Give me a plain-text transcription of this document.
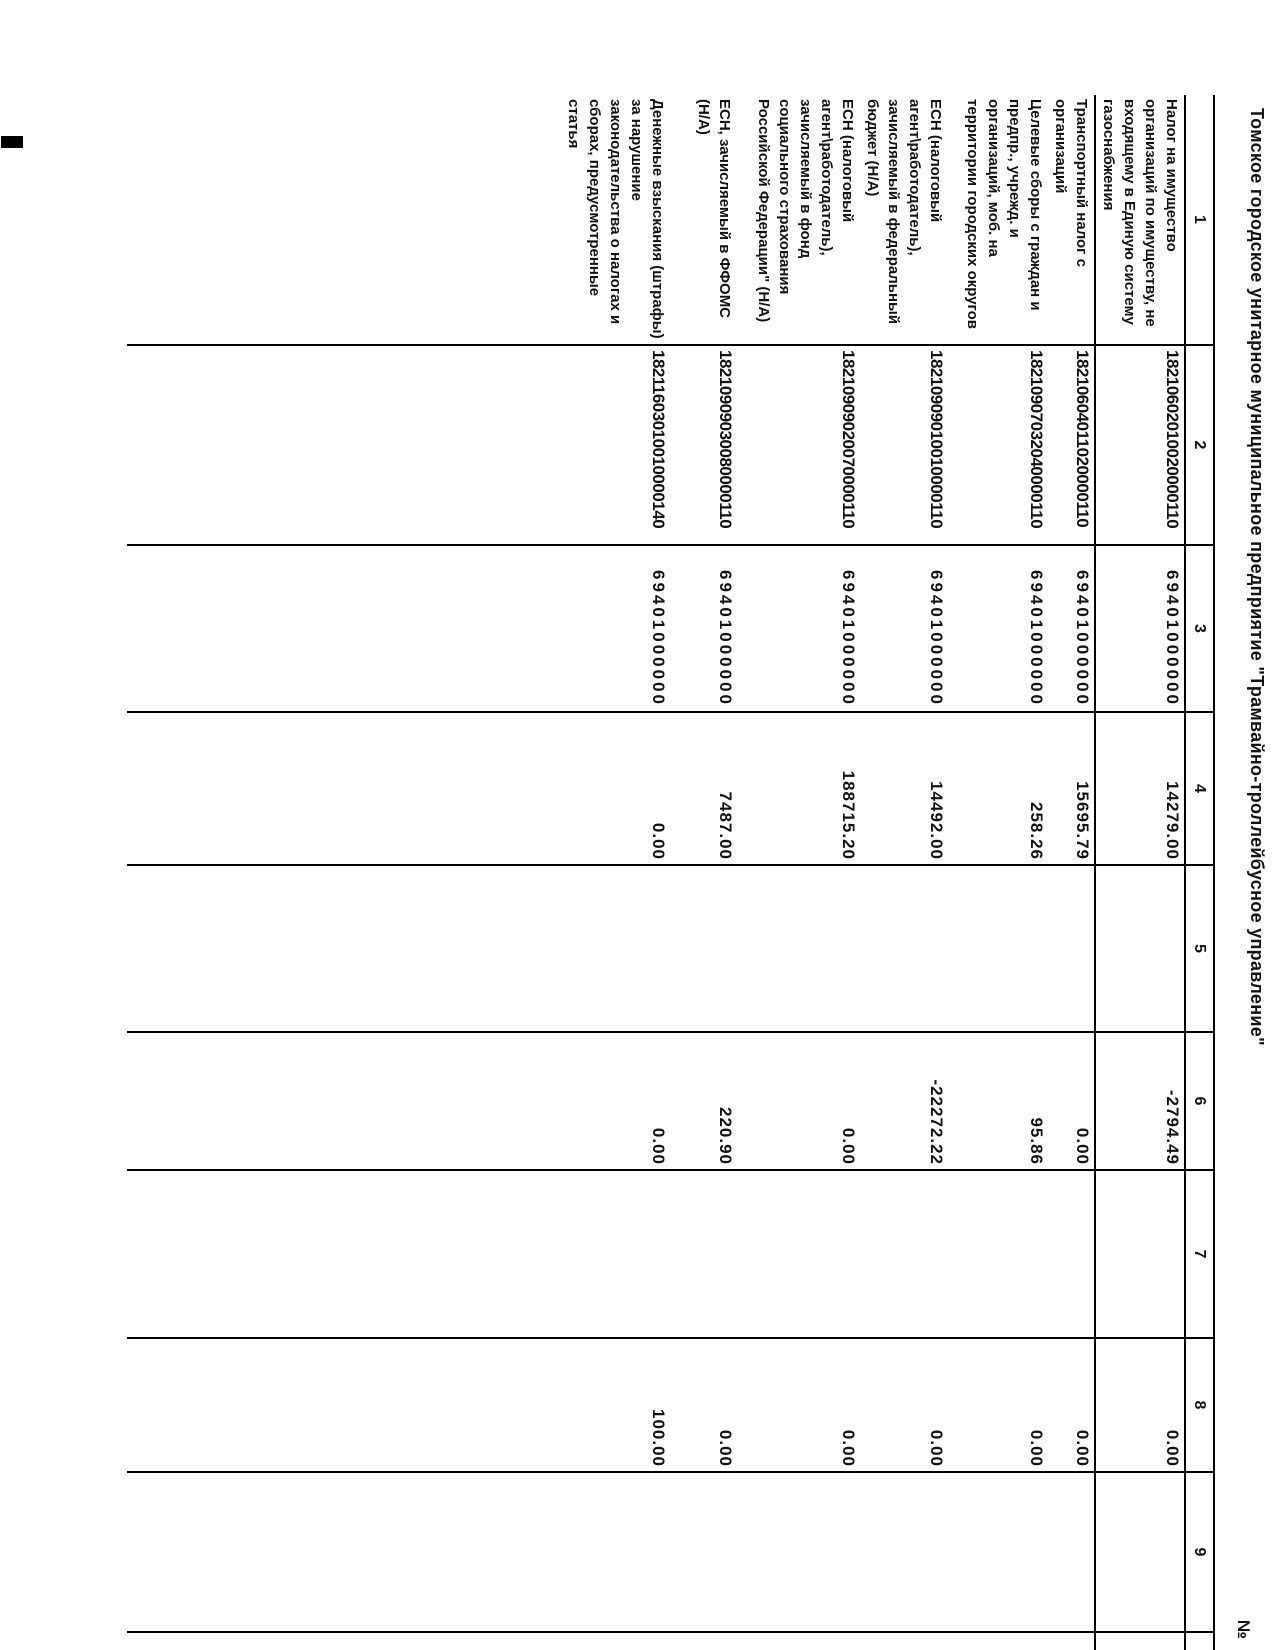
Томское городское унитарное муниципальное предприятие "Трамвайно-троллейбусное управление"
№
1	2	3	4	5	6	7	8	9	
Налог на имущество организаций по имуществу, не входящему в Единую систему газоснабжения	18210602010020000110	69401000000	14279.00		-2794.49		0.00		
Транспортный налог с организаций	18210604011020000110	69401000000	15695.79		0.00		0.00		
Целевые сборы с граждан и предпр., учрежд. и организаций, моб. на территории городских округов	18210907032040000110	69401000000	258.26		95.86		0.00		
ЕСН (налоговый агент\работодатель), зачисляемый в федеральный бюджет (Н/А)	18210909010010000110	69401000000	14492.00		-22272.22		0.00		
ЕСН (налоговый агент\работодатель), зачисляемый в фонд социального страхования Российской Федерации" (Н/А)	18210909020070000110	69401000000	188715.20		0.00		0.00		
ЕСН, зачисляемый в ФФОМС (Н/А)	18210909030080000110	69401000000	7487.00		220.90		0.00		
Денежные взыскания (штрафы) за нарушение законодательства о налогах и сборах, предусмотренные статья	18211603010010000140	69401000000	0.00		0.00		100.00		
